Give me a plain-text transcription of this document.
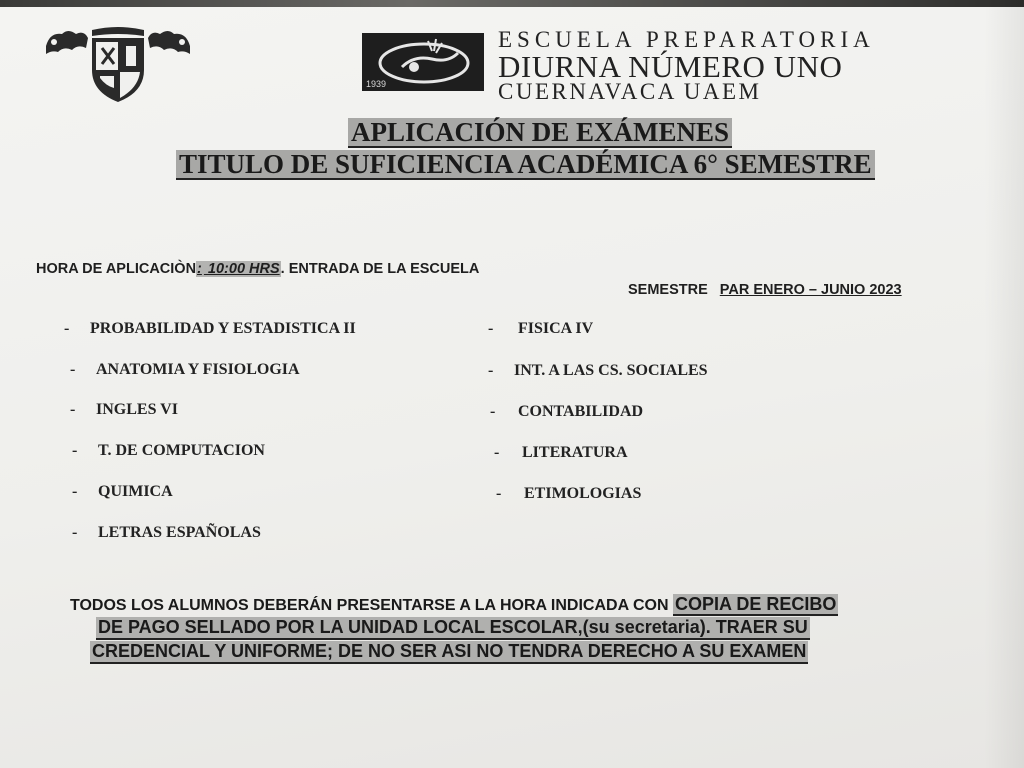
1939
ESCUELA PREPARATORIA
DIURNA NÚMERO UNO
CUERNAVACA UAEM
APLICACIÓN DE EXÁMENES
TITULO DE SUFICIENCIA ACADÉMICA 6° SEMESTRE
HORA DE APLICACIÒN: 10:00 HRS. ENTRADA DE LA ESCUELA
SEMESTRE PAR ENERO – JUNIO 2023
- PROBABILIDAD Y ESTADISTICA II
- ANATOMIA Y FISIOLOGIA
- INGLES VI
- T. DE COMPUTACION
- QUIMICA
- LETRAS ESPAÑOLAS
- FISICA IV
- INT. A LAS CS. SOCIALES
- CONTABILIDAD
- LITERATURA
- ETIMOLOGIAS
TODOS LOS ALUMNOS DEBERÁN PRESENTARSE A LA HORA INDICADA CON COPIA DE RECIBO
DE PAGO SELLADO POR LA UNIDAD LOCAL ESCOLAR,(su secretaria). TRAER SU
CREDENCIAL Y UNIFORME; DE NO SER ASI NO TENDRA DERECHO A SU EXAMEN
